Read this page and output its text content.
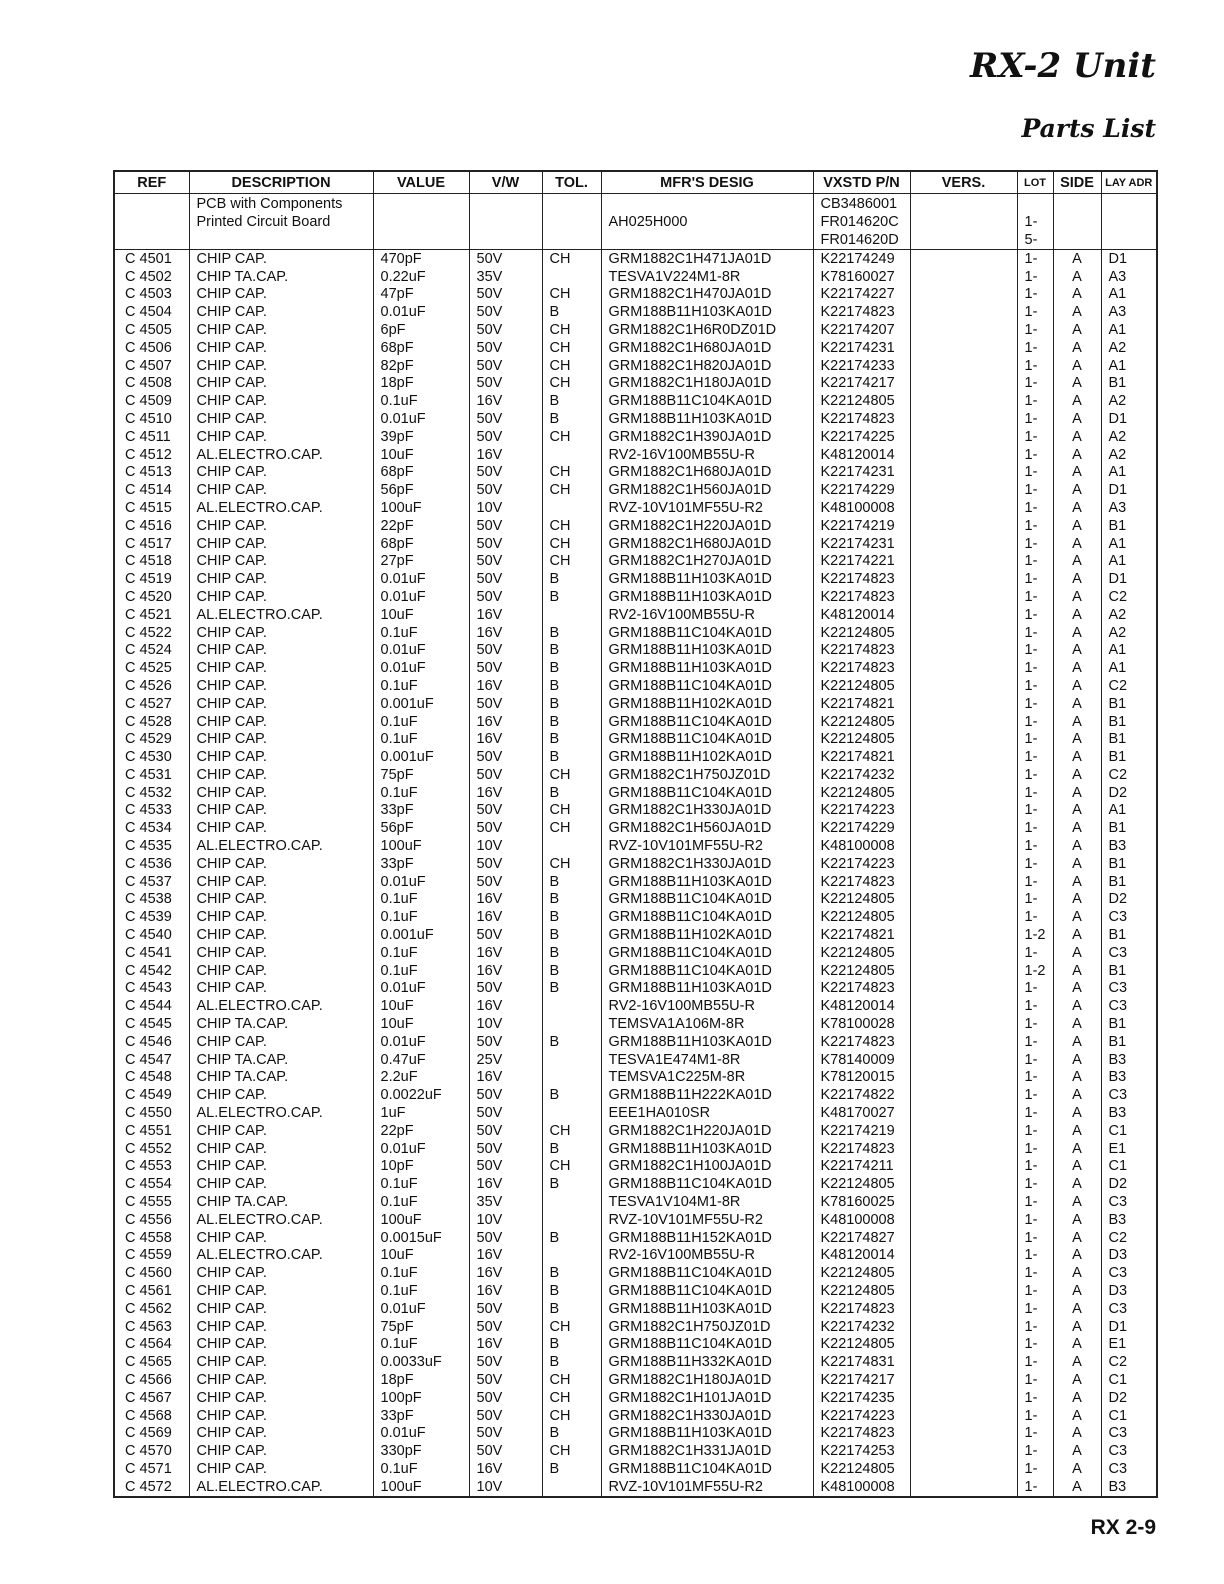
RX-2 Unit
Parts List
REF	DESCRIPTION	VALUE	V/W	TOL.	MFR'S DESIG	VXSTD P/N	VERS.	LOT	SIDE	LAY ADR
	PCB with Components					CB3486001				
	Printed Circuit Board				AH025H000	FR014620C		1-		
						FR014620D		5-		
C 4501	CHIP CAP.	470pF	50V	CH	GRM1882C1H471JA01D	K22174249		1-	A	D1
C 4502	CHIP TA.CAP.	0.22uF	35V		TESVA1V224M1-8R	K78160027		1-	A	A3
C 4503	CHIP CAP.	47pF	50V	CH	GRM1882C1H470JA01D	K22174227		1-	A	A1
C 4504	CHIP CAP.	0.01uF	50V	B	GRM188B11H103KA01D	K22174823		1-	A	A3
C 4505	CHIP CAP.	6pF	50V	CH	GRM1882C1H6R0DZ01D	K22174207		1-	A	A1
C 4506	CHIP CAP.	68pF	50V	CH	GRM1882C1H680JA01D	K22174231		1-	A	A2
C 4507	CHIP CAP.	82pF	50V	CH	GRM1882C1H820JA01D	K22174233		1-	A	A1
C 4508	CHIP CAP.	18pF	50V	CH	GRM1882C1H180JA01D	K22174217		1-	A	B1
C 4509	CHIP CAP.	0.1uF	16V	B	GRM188B11C104KA01D	K22124805		1-	A	A2
C 4510	CHIP CAP.	0.01uF	50V	B	GRM188B11H103KA01D	K22174823		1-	A	D1
C 4511	CHIP CAP.	39pF	50V	CH	GRM1882C1H390JA01D	K22174225		1-	A	A2
C 4512	AL.ELECTRO.CAP.	10uF	16V		RV2-16V100MB55U-R	K48120014		1-	A	A2
C 4513	CHIP CAP.	68pF	50V	CH	GRM1882C1H680JA01D	K22174231		1-	A	A1
C 4514	CHIP CAP.	56pF	50V	CH	GRM1882C1H560JA01D	K22174229		1-	A	D1
C 4515	AL.ELECTRO.CAP.	100uF	10V		RVZ-10V101MF55U-R2	K48100008		1-	A	A3
C 4516	CHIP CAP.	22pF	50V	CH	GRM1882C1H220JA01D	K22174219		1-	A	B1
C 4517	CHIP CAP.	68pF	50V	CH	GRM1882C1H680JA01D	K22174231		1-	A	A1
C 4518	CHIP CAP.	27pF	50V	CH	GRM1882C1H270JA01D	K22174221		1-	A	A1
C 4519	CHIP CAP.	0.01uF	50V	B	GRM188B11H103KA01D	K22174823		1-	A	D1
C 4520	CHIP CAP.	0.01uF	50V	B	GRM188B11H103KA01D	K22174823		1-	A	C2
C 4521	AL.ELECTRO.CAP.	10uF	16V		RV2-16V100MB55U-R	K48120014		1-	A	A2
C 4522	CHIP CAP.	0.1uF	16V	B	GRM188B11C104KA01D	K22124805		1-	A	A2
C 4524	CHIP CAP.	0.01uF	50V	B	GRM188B11H103KA01D	K22174823		1-	A	A1
C 4525	CHIP CAP.	0.01uF	50V	B	GRM188B11H103KA01D	K22174823		1-	A	A1
C 4526	CHIP CAP.	0.1uF	16V	B	GRM188B11C104KA01D	K22124805		1-	A	C2
C 4527	CHIP CAP.	0.001uF	50V	B	GRM188B11H102KA01D	K22174821		1-	A	B1
C 4528	CHIP CAP.	0.1uF	16V	B	GRM188B11C104KA01D	K22124805		1-	A	B1
C 4529	CHIP CAP.	0.1uF	16V	B	GRM188B11C104KA01D	K22124805		1-	A	B1
C 4530	CHIP CAP.	0.001uF	50V	B	GRM188B11H102KA01D	K22174821		1-	A	B1
C 4531	CHIP CAP.	75pF	50V	CH	GRM1882C1H750JZ01D	K22174232		1-	A	C2
C 4532	CHIP CAP.	0.1uF	16V	B	GRM188B11C104KA01D	K22124805		1-	A	D2
C 4533	CHIP CAP.	33pF	50V	CH	GRM1882C1H330JA01D	K22174223		1-	A	A1
C 4534	CHIP CAP.	56pF	50V	CH	GRM1882C1H560JA01D	K22174229		1-	A	B1
C 4535	AL.ELECTRO.CAP.	100uF	10V		RVZ-10V101MF55U-R2	K48100008		1-	A	B3
C 4536	CHIP CAP.	33pF	50V	CH	GRM1882C1H330JA01D	K22174223		1-	A	B1
C 4537	CHIP CAP.	0.01uF	50V	B	GRM188B11H103KA01D	K22174823		1-	A	B1
C 4538	CHIP CAP.	0.1uF	16V	B	GRM188B11C104KA01D	K22124805		1-	A	D2
C 4539	CHIP CAP.	0.1uF	16V	B	GRM188B11C104KA01D	K22124805		1-	A	C3
C 4540	CHIP CAP.	0.001uF	50V	B	GRM188B11H102KA01D	K22174821		1-2	A	B1
C 4541	CHIP CAP.	0.1uF	16V	B	GRM188B11C104KA01D	K22124805		1-	A	C3
C 4542	CHIP CAP.	0.1uF	16V	B	GRM188B11C104KA01D	K22124805		1-2	A	B1
C 4543	CHIP CAP.	0.01uF	50V	B	GRM188B11H103KA01D	K22174823		1-	A	C3
C 4544	AL.ELECTRO.CAP.	10uF	16V		RV2-16V100MB55U-R	K48120014		1-	A	C3
C 4545	CHIP TA.CAP.	10uF	10V		TEMSVA1A106M-8R	K78100028		1-	A	B1
C 4546	CHIP CAP.	0.01uF	50V	B	GRM188B11H103KA01D	K22174823		1-	A	B1
C 4547	CHIP TA.CAP.	0.47uF	25V		TESVA1E474M1-8R	K78140009		1-	A	B3
C 4548	CHIP TA.CAP.	2.2uF	16V		TEMSVA1C225M-8R	K78120015		1-	A	B3
C 4549	CHIP CAP.	0.0022uF	50V	B	GRM188B11H222KA01D	K22174822		1-	A	C3
C 4550	AL.ELECTRO.CAP.	1uF	50V		EEE1HA010SR	K48170027		1-	A	B3
C 4551	CHIP CAP.	22pF	50V	CH	GRM1882C1H220JA01D	K22174219		1-	A	C1
C 4552	CHIP CAP.	0.01uF	50V	B	GRM188B11H103KA01D	K22174823		1-	A	E1
C 4553	CHIP CAP.	10pF	50V	CH	GRM1882C1H100JA01D	K22174211		1-	A	C1
C 4554	CHIP CAP.	0.1uF	16V	B	GRM188B11C104KA01D	K22124805		1-	A	D2
C 4555	CHIP TA.CAP.	0.1uF	35V		TESVA1V104M1-8R	K78160025		1-	A	C3
C 4556	AL.ELECTRO.CAP.	100uF	10V		RVZ-10V101MF55U-R2	K48100008		1-	A	B3
C 4558	CHIP CAP.	0.0015uF	50V	B	GRM188B11H152KA01D	K22174827		1-	A	C2
C 4559	AL.ELECTRO.CAP.	10uF	16V		RV2-16V100MB55U-R	K48120014		1-	A	D3
C 4560	CHIP CAP.	0.1uF	16V	B	GRM188B11C104KA01D	K22124805		1-	A	C3
C 4561	CHIP CAP.	0.1uF	16V	B	GRM188B11C104KA01D	K22124805		1-	A	D3
C 4562	CHIP CAP.	0.01uF	50V	B	GRM188B11H103KA01D	K22174823		1-	A	C3
C 4563	CHIP CAP.	75pF	50V	CH	GRM1882C1H750JZ01D	K22174232		1-	A	D1
C 4564	CHIP CAP.	0.1uF	16V	B	GRM188B11C104KA01D	K22124805		1-	A	E1
C 4565	CHIP CAP.	0.0033uF	50V	B	GRM188B11H332KA01D	K22174831		1-	A	C2
C 4566	CHIP CAP.	18pF	50V	CH	GRM1882C1H180JA01D	K22174217		1-	A	C1
C 4567	CHIP CAP.	100pF	50V	CH	GRM1882C1H101JA01D	K22174235		1-	A	D2
C 4568	CHIP CAP.	33pF	50V	CH	GRM1882C1H330JA01D	K22174223		1-	A	C1
C 4569	CHIP CAP.	0.01uF	50V	B	GRM188B11H103KA01D	K22174823		1-	A	C3
C 4570	CHIP CAP.	330pF	50V	CH	GRM1882C1H331JA01D	K22174253		1-	A	C3
C 4571	CHIP CAP.	0.1uF	16V	B	GRM188B11C104KA01D	K22124805		1-	A	C3
C 4572	AL.ELECTRO.CAP.	100uF	10V		RVZ-10V101MF55U-R2	K48100008		1-	A	B3
RX 2-9
